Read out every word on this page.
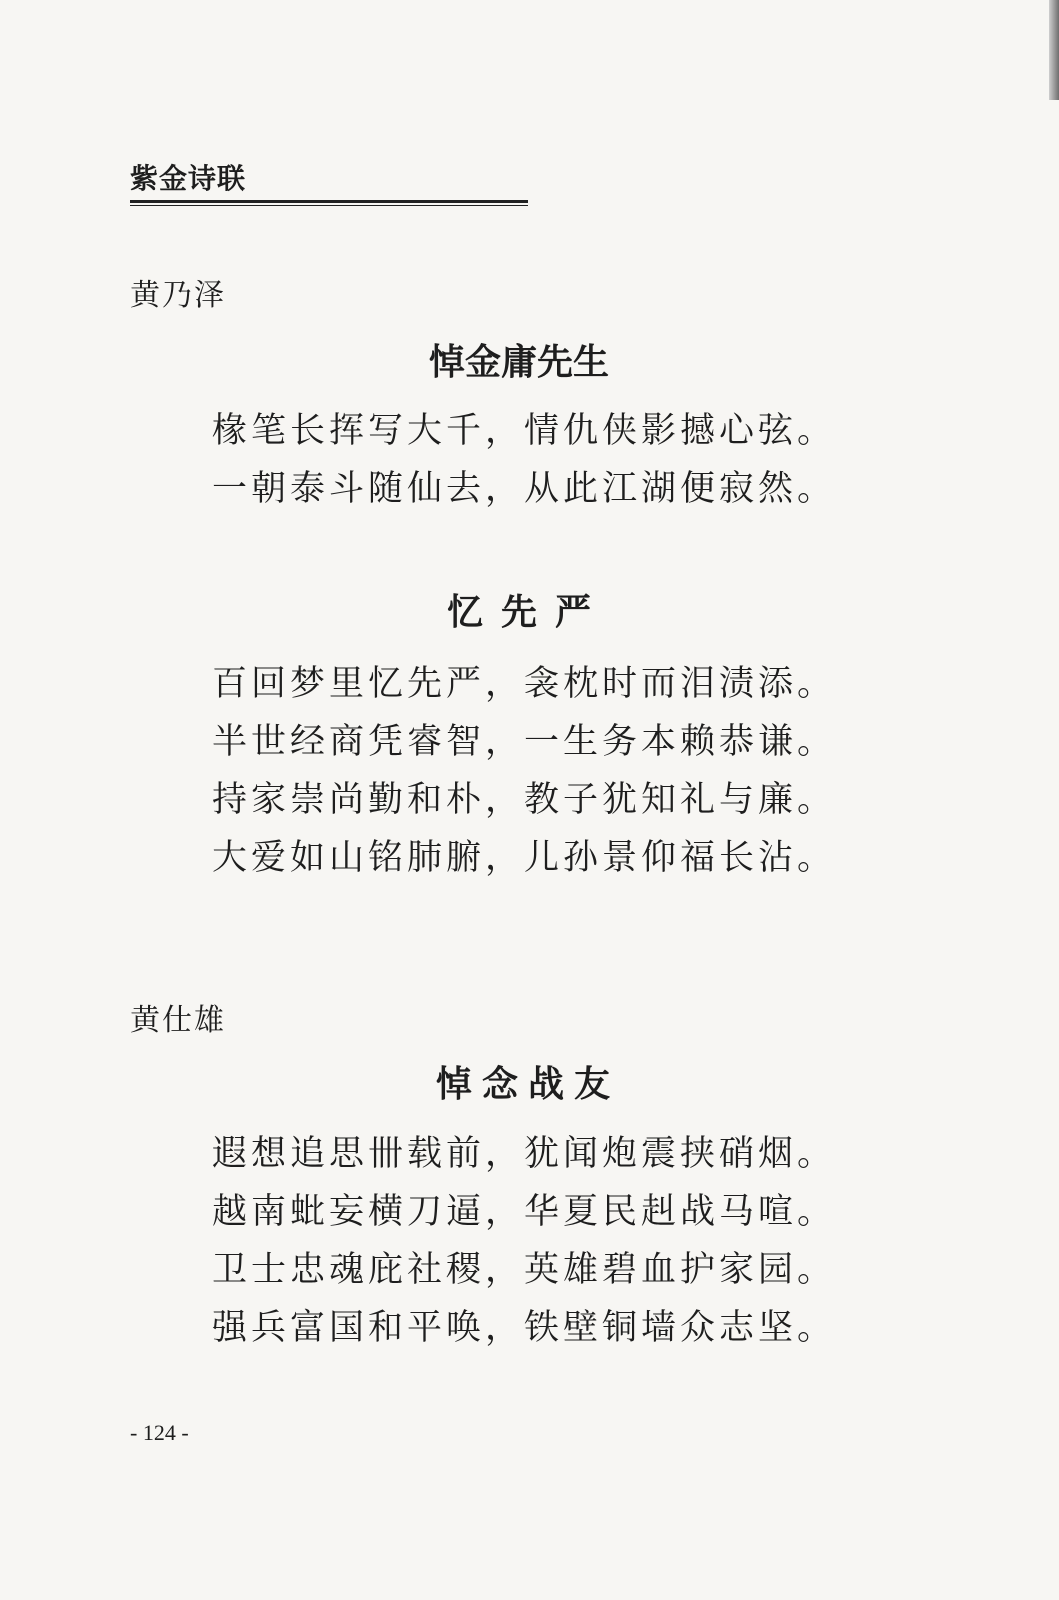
紫金诗联
黄乃泽
悼金庸先生
椽笔长挥写大千，情仇侠影撼心弦。
一朝泰斗随仙去，从此江湖便寂然。
忆先严
百回梦里忆先严，衾枕时而泪渍添。
半世经商凭睿智，一生务本赖恭谦。
持家崇尚勤和朴，教子犹知礼与廉。
大爱如山铭肺腑，儿孙景仰福长沾。
黄仕雄
悼念战友
遐想追思卌载前，犹闻炮震挟硝烟。
越南蚍妄横刀逼，华夏民赳战马喧。
卫士忠魂庇社稷，英雄碧血护家园。
强兵富国和平唤，铁壁铜墙众志坚。
- 124 -
